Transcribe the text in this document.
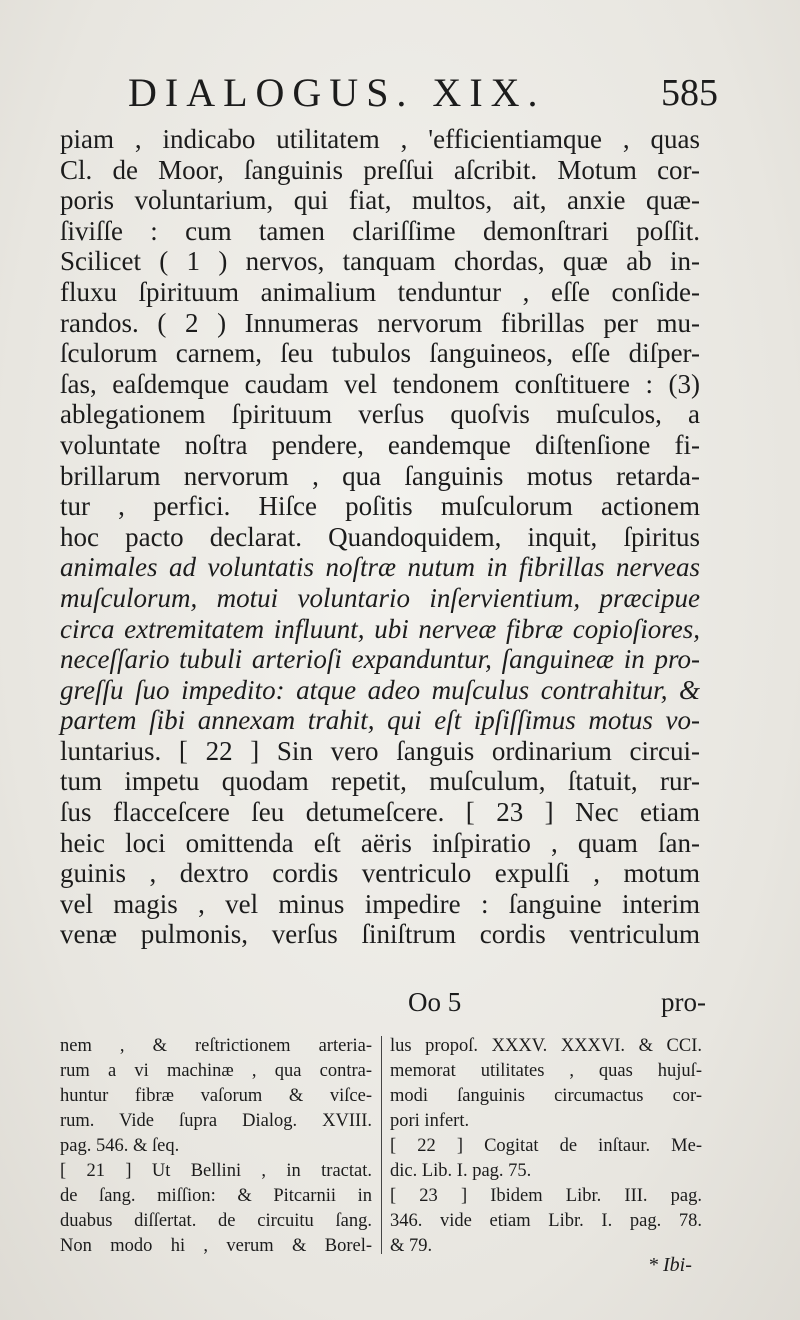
DIALOGUS. XIX.	585
piam , indicabo utilitatem , 'efficientiamque , quas
Cl. de Moor, ſanguinis preſſui aſcribit. Motum cor-
poris voluntarium, qui fiat, multos, ait, anxie quæ-
ſiviſſe : cum tamen clariſſime demonſtrari poſſit.
Scilicet ( 1 ) nervos, tanquam chordas, quæ ab in-
fluxu ſpirituum animalium tenduntur , eſſe conſide-
randos. ( 2 ) Innumeras nervorum fibrillas per mu-
ſculorum carnem, ſeu tubulos ſanguineos, eſſe diſper-
ſas, eaſdemque caudam vel tendonem conſtituere : (3)
ablegationem ſpirituum verſus quoſvis muſculos, a
voluntate noſtra pendere, eandemque diſtenſione fi-
brillarum nervorum , qua ſanguinis motus retarda-
tur , perfici. Hiſce poſitis muſculorum actionem
hoc pacto declarat. Quandoquidem, inquit, ſpiritus
animales ad voluntatis noſtræ nutum in fibrillas nerveas
muſculorum, motui voluntario inſervientium, præcipue
circa extremitatem influunt, ubi nerveæ fibræ copioſiores,
neceſſario tubuli arterioſi expanduntur, ſanguineæ in pro-
greſſu ſuo impedito: atque adeo muſculus contrahitur, &
partem ſibi annexam trahit, qui eſt ipſiſſimus motus vo-
luntarius. [ 22 ] Sin vero ſanguis ordinarium circui-
tum impetu quodam repetit, muſculum, ſtatuit, rur-
ſus flacceſcere ſeu detumeſcere. [ 23 ] Nec etiam
heic loci omittenda eſt aëris inſpiratio , quam ſan-
guinis , dextro cordis ventriculo expulſi , motum
vel magis , vel minus impedire : ſanguine interim
venæ pulmonis, verſus ſiniſtrum cordis ventriculum
Oo 5	pro-
nem , & reſtrictionem arteria-
rum a vi machinæ , qua contra-
huntur fibræ vaſorum & viſce-
rum. Vide ſupra Dialog. XVIII.
pag. 546. & ſeq.
[ 21 ] Ut Bellini , in tractat.
de ſang. miſſion: & Pitcarnii in
duabus diſſertat. de circuitu ſang.
Non modo hi , verum & Borel-
lus propoſ. XXXV. XXXVI. & CCI.
memorat utilitates , quas hujuſ-
modi ſanguinis circumactus cor-
pori infert.
[ 22 ] Cogitat de inſtaur. Me-
dic. Lib. I. pag. 75.
[ 23 ] Ibidem Libr. III. pag.
346. vide etiam Libr. I. pag. 78.
& 79.
* Ibi-
